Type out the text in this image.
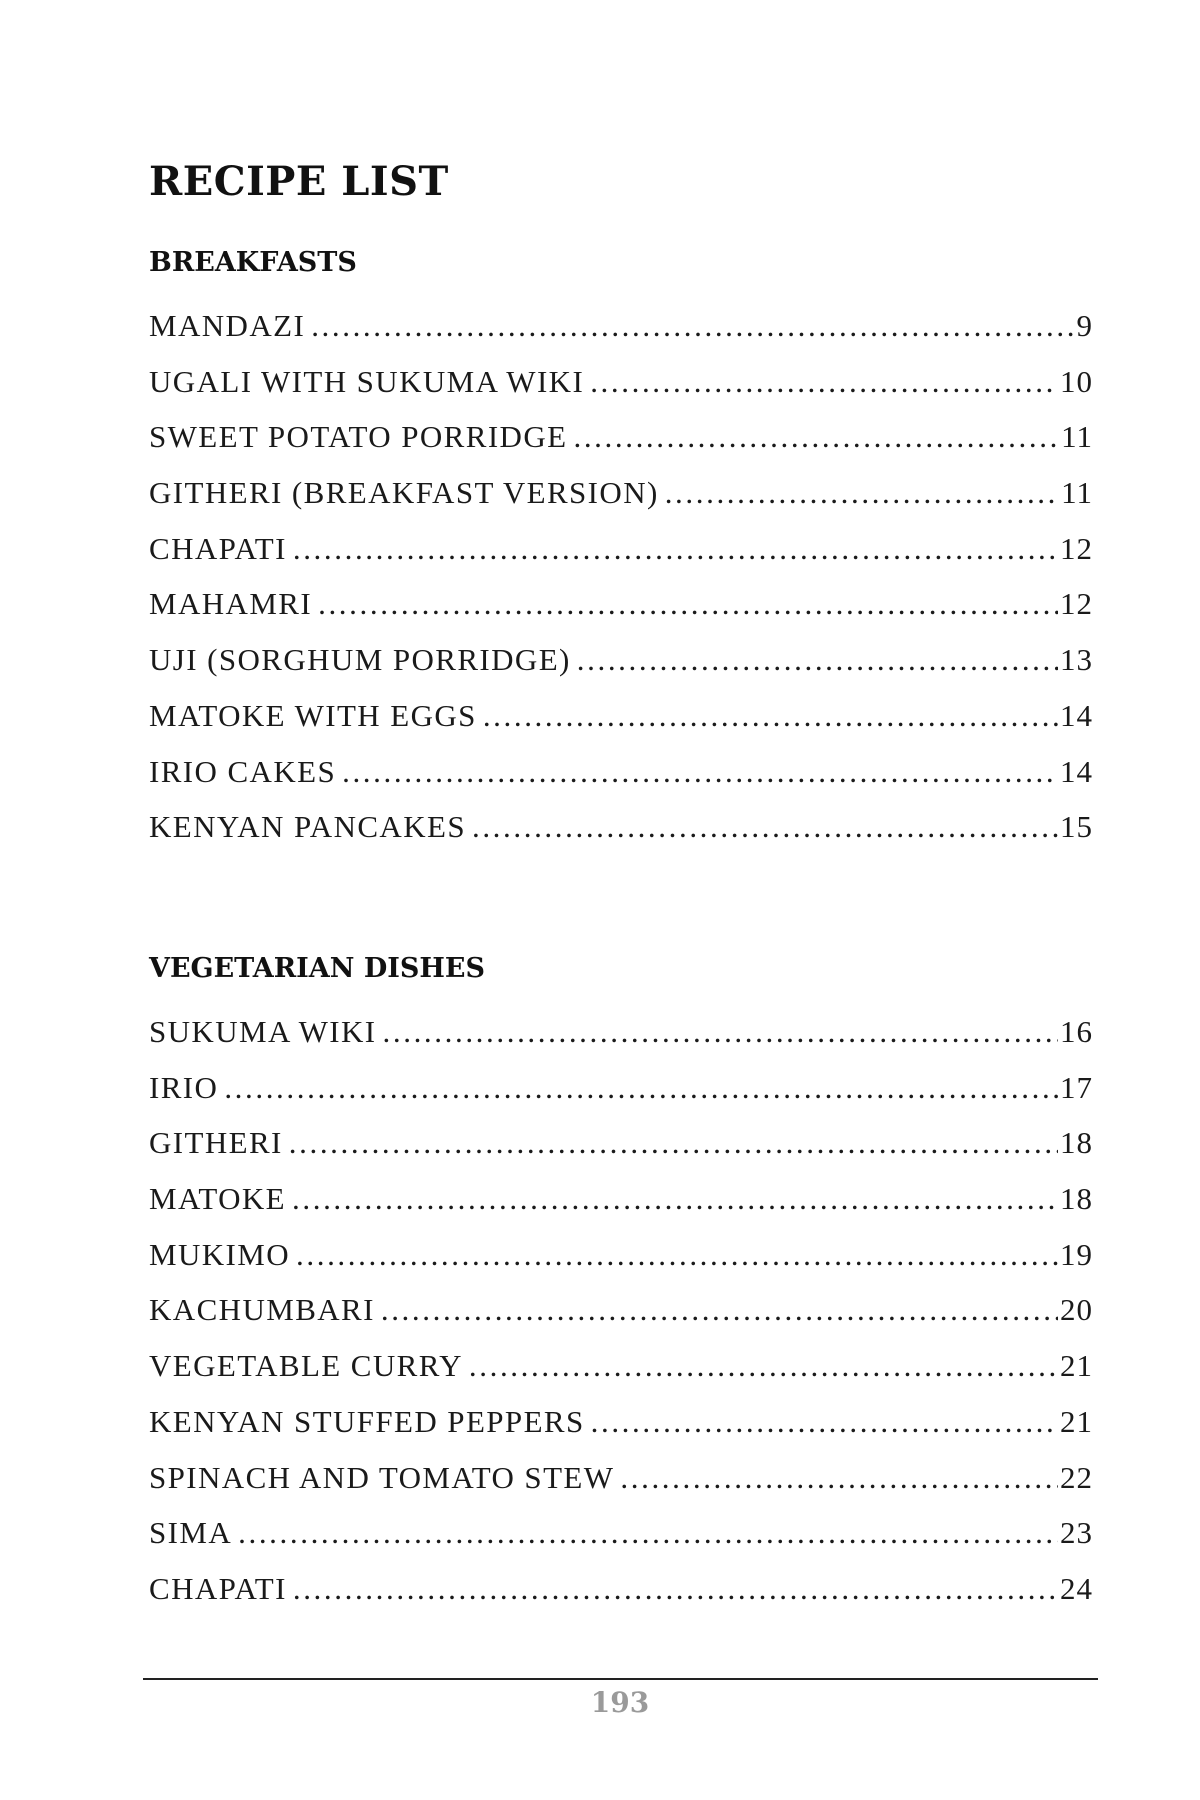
RECIPE LIST
BREAKFASTS
MANDAZI .....	9
UGALI WITH SUKUMA WIKI .....	10
SWEET POTATO PORRIDGE .....	11
GITHERI (BREAKFAST VERSION) .....	11
CHAPATI .....	12
MAHAMRI .....	12
UJI (SORGHUM PORRIDGE) .....	13
MATOKE WITH EGGS .....	14
IRIO CAKES .....	14
KENYAN PANCAKES .....	15
VEGETARIAN DISHES
SUKUMA WIKI .....	16
IRIO .....	17
GITHERI .....	18
MATOKE .....	18
MUKIMO .....	19
KACHUMBARI .....	20
VEGETABLE CURRY .....	21
KENYAN STUFFED PEPPERS .....	21
SPINACH AND TOMATO STEW .....	22
SIMA .....	23
CHAPATI .....	24
193
